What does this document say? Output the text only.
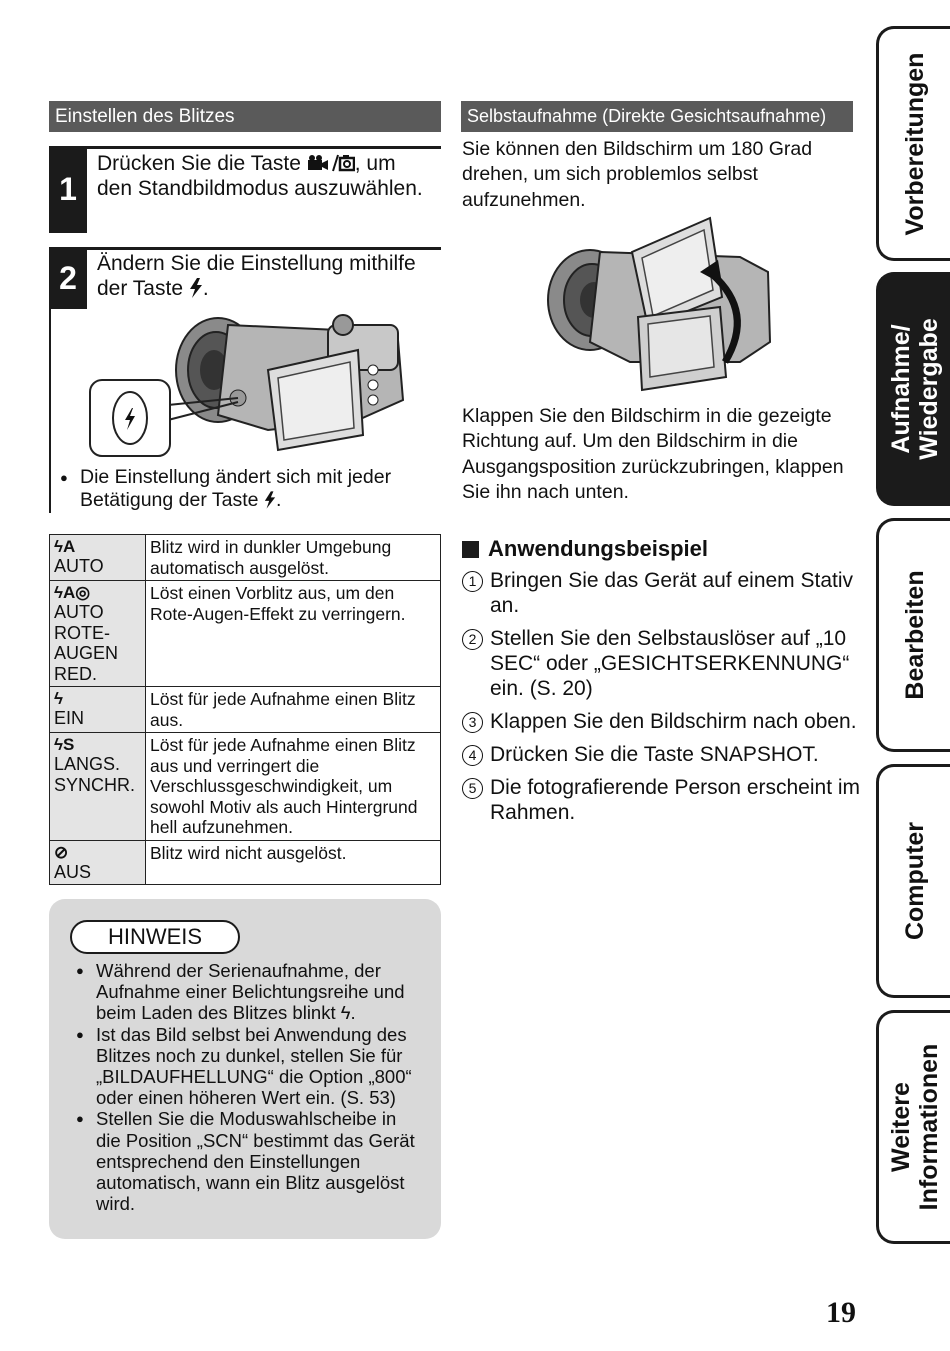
Einstellen des Blitzes
1
Drücken Sie die Taste , um den Standbildmodus auszuwählen.
2 Ändern Sie die Einstellung mithilfe der Taste .
● Die Einstellung ändert sich mit jeder Betätigung der Taste .
ϟA
AUTO	Blitz wird in dunkler Umgebung automatisch ausgelöst.

ϟA◎
AUTO ROTE-AUGEN RED.	Löst einen Vorblitz aus, um den Rote-Augen-Effekt zu verringern.

ϟ
EIN	Löst für jede Aufnahme einen Blitz aus.

ϟS
LANGS. SYNCHR.	Löst für jede Aufnahme einen Blitz aus und verringert die Verschlussgeschwindigkeit, um sowohl Motiv als auch Hintergrund hell aufzunehmen.

⊘
AUS	Blitz wird nicht ausgelöst.
HINWEIS
● Während der Serienaufnahme, der Aufnahme einer Belichtungsreihe und beim Laden des Blitzes blinkt ϟ.
● Ist das Bild selbst bei Anwendung des Blitzes noch zu dunkel, stellen Sie für „BILDAUFHELLUNG“ die Option „800“ oder einen höheren Wert ein. (S. 53)
● Stellen Sie die Moduswahlscheibe in die Position „SCN“ bestimmt das Gerät entsprechend den Einstellungen automatisch, wann ein Blitz ausgelöst wird.
Selbstaufnahme (Direkte Gesichtsaufnahme)
Sie können den Bildschirm um 180 Grad drehen, um sich problemlos selbst aufzunehmen.
Klappen Sie den Bildschirm in die gezeigte Richtung auf. Um den Bildschirm in die Ausgangsposition zurückzubringen, klappen Sie ihn nach unten.
Anwendungsbeispiel
1 Bringen Sie das Gerät auf einem Stativ an.
2 Stellen Sie den Selbstauslöser auf „10 SEC“ oder „GESICHTSERKENNUNG“ ein. (S. 20)
3 Klappen Sie den Bildschirm nach oben.
4 Drücken Sie die Taste SNAPSHOT.
5 Die fotografierende Person erscheint im Rahmen.
Vorbereitungen
Aufnahme/ Wiedergabe
Bearbeiten
Computer
Weitere Informationen
19
